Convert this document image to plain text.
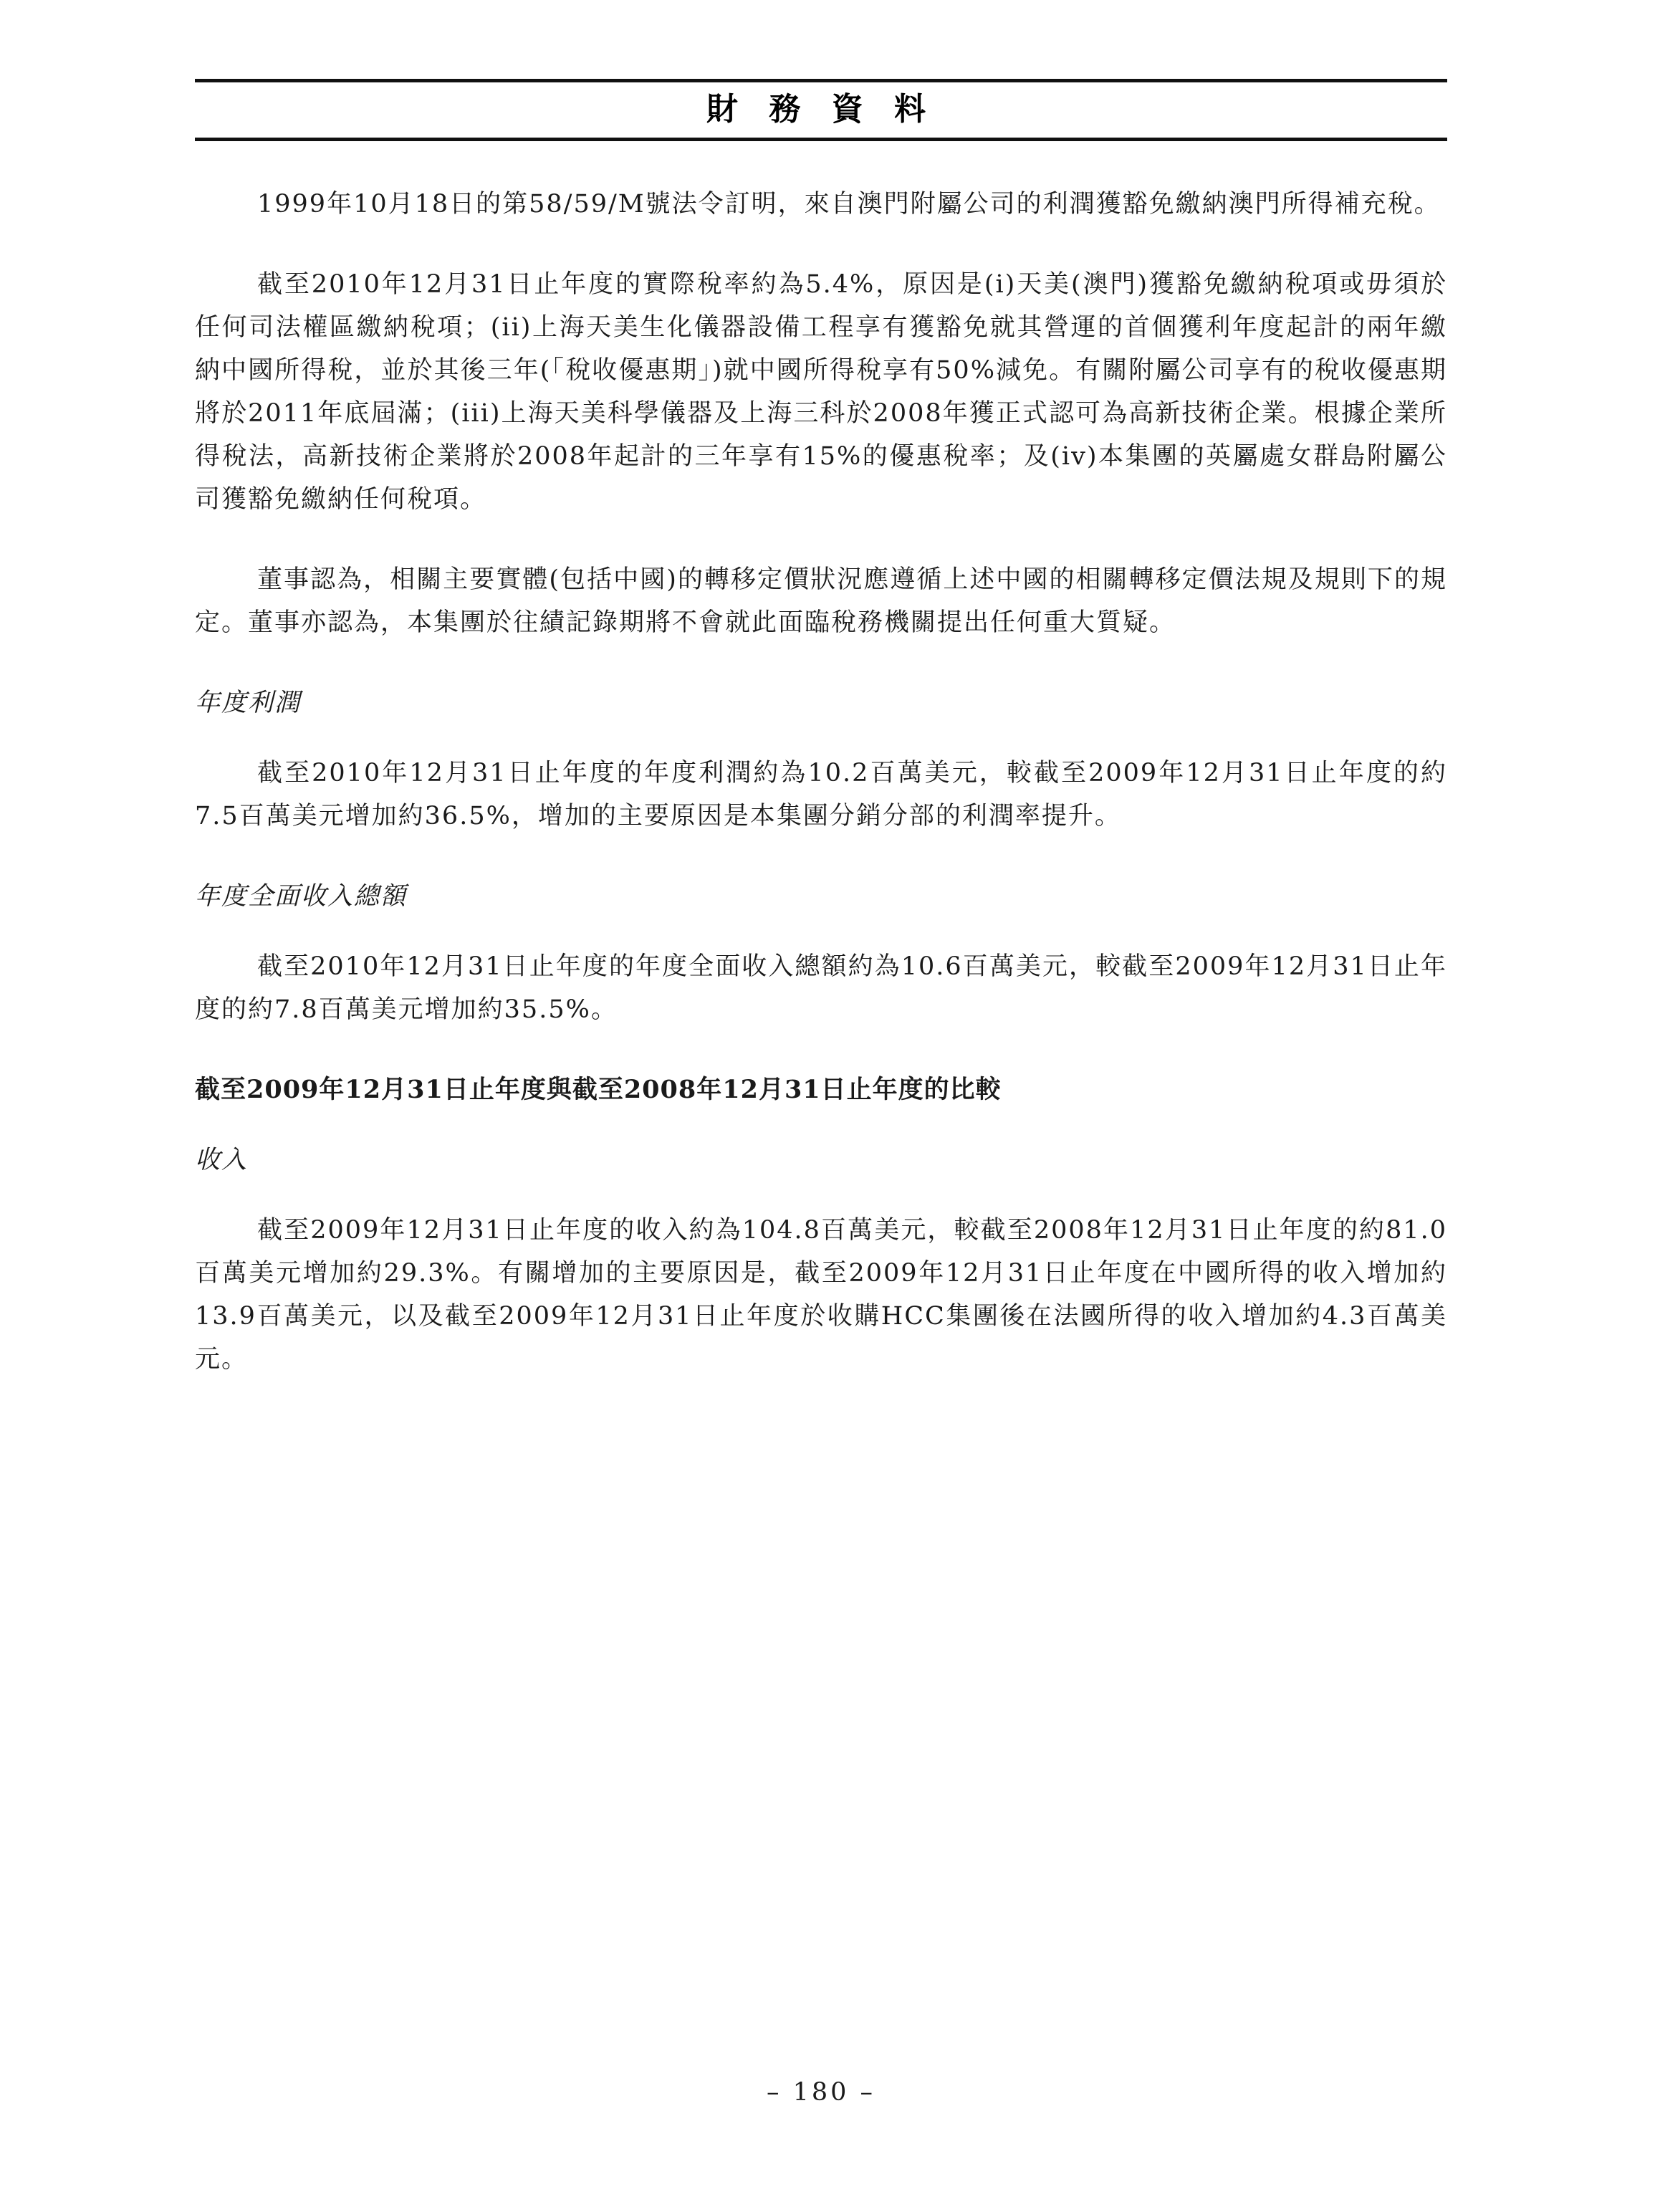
財 務 資 料

1999年10月18日的第58/59/M號法令訂明，來自澳門附屬公司的利潤獲豁免繳納澳門所得補充稅。

截至2010年12月31日止年度的實際稅率約為5.4%，原因是(i)天美(澳門)獲豁免繳納稅項或毋須於任何司法權區繳納稅項；(ii)上海天美生化儀器設備工程享有獲豁免就其營運的首個獲利年度起計的兩年繳納中國所得稅，並於其後三年(「稅收優惠期」)就中國所得稅享有50%減免。有關附屬公司享有的稅收優惠期將於2011年底屆滿；(iii)上海天美科學儀器及上海三科於2008年獲正式認可為高新技術企業。根據企業所得稅法，高新技術企業將於2008年起計的三年享有15%的優惠稅率；及(iv)本集團的英屬處女群島附屬公司獲豁免繳納任何稅項。

董事認為，相關主要實體(包括中國)的轉移定價狀況應遵循上述中國的相關轉移定價法規及規則下的規定。董事亦認為，本集團於往績記錄期將不會就此面臨稅務機關提出任何重大質疑。

年度利潤

截至2010年12月31日止年度的年度利潤約為10.2百萬美元，較截至2009年12月31日止年度的約7.5百萬美元增加約36.5%，增加的主要原因是本集團分銷分部的利潤率提升。

年度全面收入總額

截至2010年12月31日止年度的年度全面收入總額約為10.6百萬美元，較截至2009年12月31日止年度的約7.8百萬美元增加約35.5%。

截至2009年12月31日止年度與截至2008年12月31日止年度的比較

收入

截至2009年12月31日止年度的收入約為104.8百萬美元，較截至2008年12月31日止年度的約81.0百萬美元增加約29.3%。有關增加的主要原因是，截至2009年12月31日止年度在中國所得的收入增加約13.9百萬美元，以及截至2009年12月31日止年度於收購HCC集團後在法國所得的收入增加約4.3百萬美元。

– 180 –
